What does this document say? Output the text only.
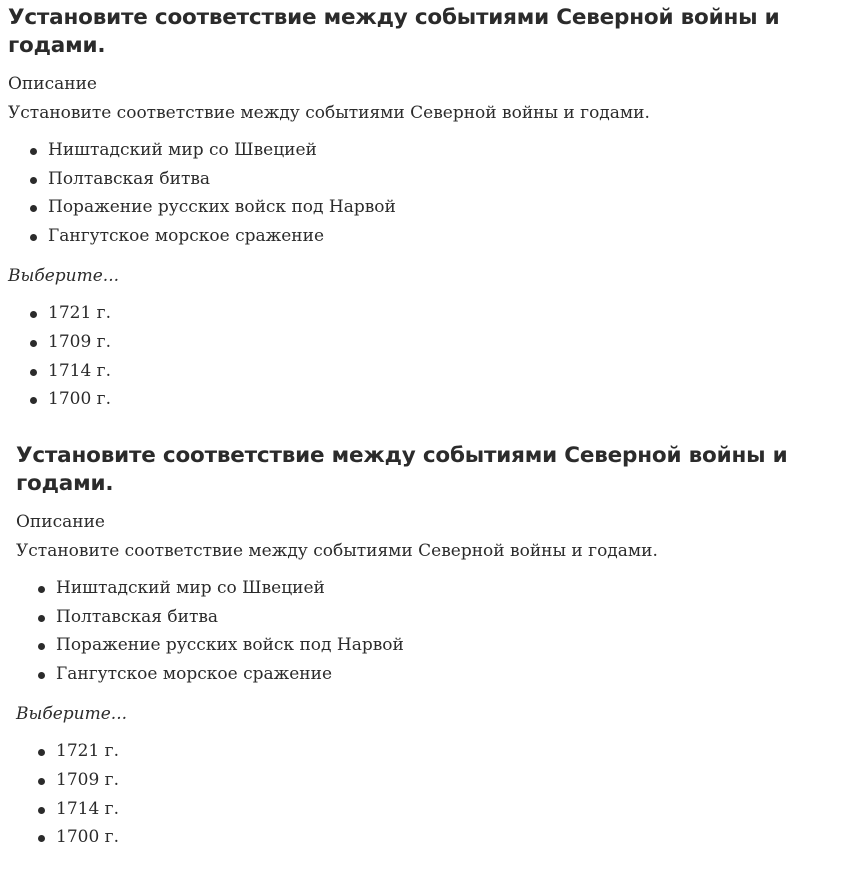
Установите соответствие между событиями Северной войны и годами.
Описание
Установите соответствие между событиями Северной войны и годами.
Ништадский мир со Швецией
Полтавская битва
Поражение русских войск под Нарвой
Гангутское морское сражение
Выберите...
1721 г.
1709 г.
1714 г.
1700 г.
Установите соответствие между событиями Северной войны и годами.
Описание
Установите соответствие между событиями Северной войны и годами.
Ништадский мир со Швецией
Полтавская битва
Поражение русских войск под Нарвой
Гангутское морское сражение
Выберите...
1721 г.
1709 г.
1714 г.
1700 г.
